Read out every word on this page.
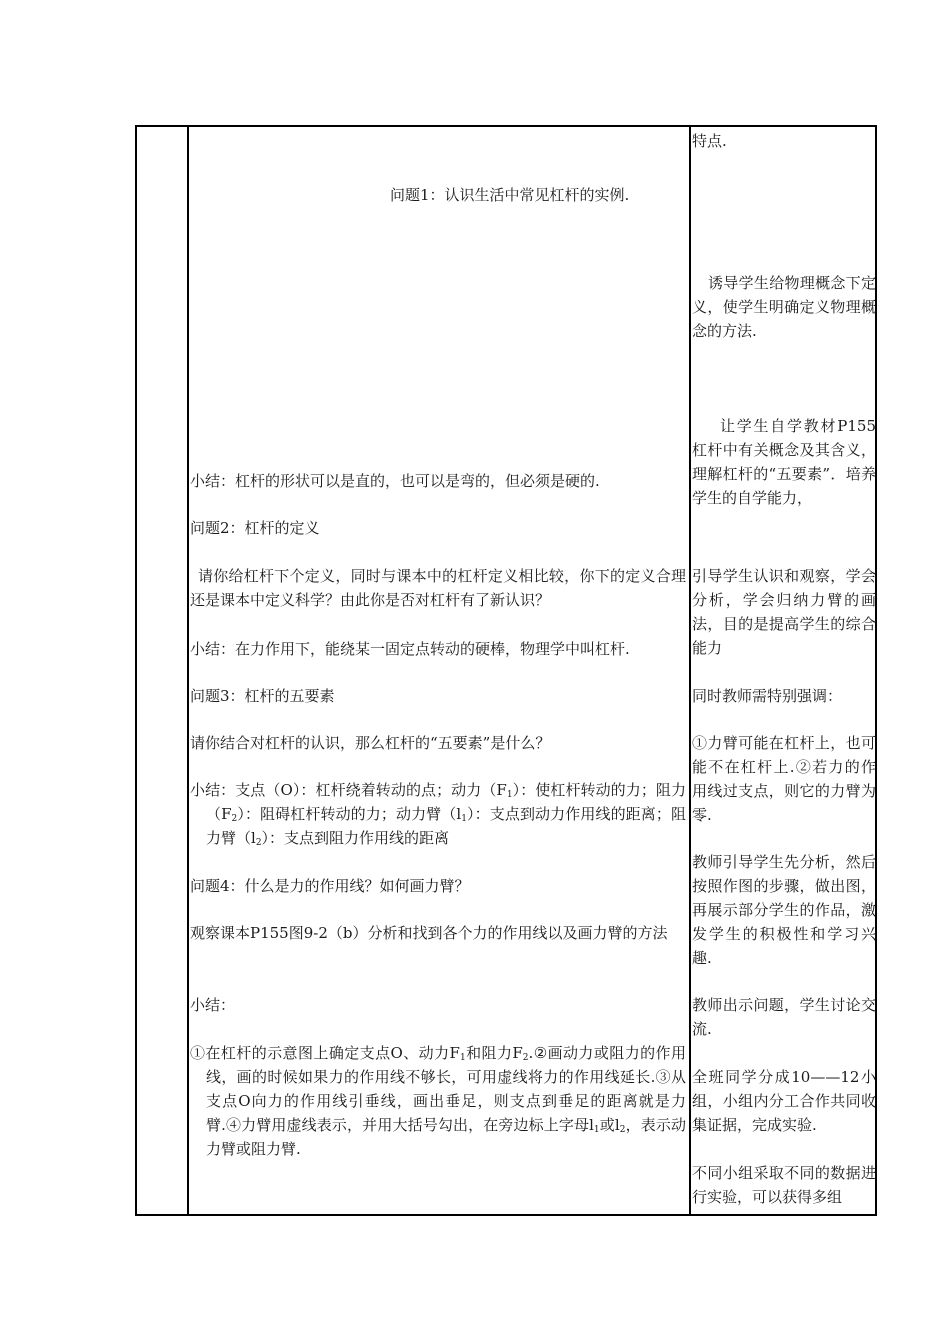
问题1：认识生活中常见杠杆的实例.

小结：杠杆的形状可以是直的，也可以是弯的，但必须是硬的.

问题2：杠杆的定义

请你给杠杆下个定义，同时与课本中的杠杆定义相比较，你下的定义合理还是课本中定义科学？由此你是否对杠杆有了新认识？

小结：在力作用下，能绕某一固定点转动的硬棒，物理学中叫杠杆.

问题3：杠杆的五要素

请你结合对杠杆的认识，那么杠杆的“五要素”是什么？

小结：支点（O）：杠杆绕着转动的点；动力$(F_1)$：使杠杆转动的力；阻力$(F_2)$：阻碍杠杆转动的力；动力臂$(l_1)$：支点到动力作用线的距离；阻力臂$(l_2)$：支点到阻力作用线的距离

问题4：什么是力的作用线？如何画力臂？

观察课本P155图9-2（b）分析和找到各个力的作用线以及画力臂的方法

小结：

①在杠杆的示意图上确定支点O、动力$F_1$和阻力$F_2.②$画动力或阻力的作用线，画的时候如果力的作用线不够长，可用虚线将力的作用线延长.③从支点O向力的作用线引垂线，画出垂足，则支点到垂足的距离就是力臂.④力臂用虚线表示，并用大括号勾出，在旁边标上字母$l_1$或$l_2$，表示动力臂或阻力臂.

特点.

诱导学生给物理概念下定义，使学生明确定义物理概念的方法.

让学生自学教材P155杠杆中有关概念及其含义，理解杠杆的“五要素”．培养学生的自学能力，

引导学生认识和观察，学会分析，学会归纳力臂的画法，目的是提高学生的综合能力

同时教师需特别强调：

①力臂可能在杠杆上，也可能不在杠杆上.②若力的作用线过支点，则它的力臂为零.

教师引导学生先分析，然后按照作图的步骤，做出图，再展示部分学生的作品，激发学生的积极性和学习兴趣.

教师出示问题，学生讨论交流.

全班同学分成10——12小组，小组内分工合作共同收集证据，完成实验.

不同小组采取不同的数据进行实验，可以获得多组
